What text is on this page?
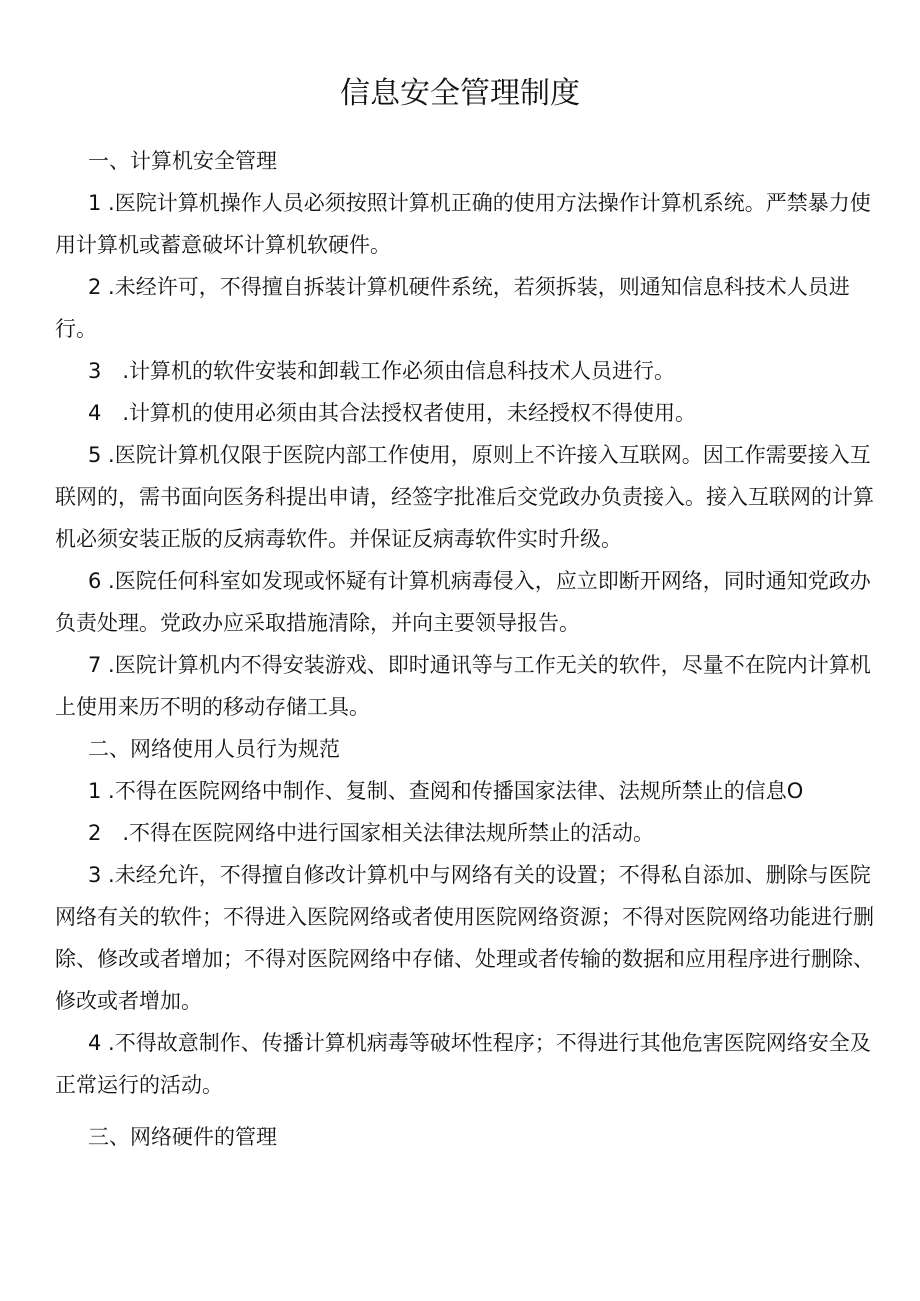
信息安全管理制度

一、计算机安全管理

1 .医院计算机操作人员必须按照计算机正确的使用方法操作计算机系统。严禁暴力使用计算机或蓄意破坏计算机软硬件。

2 .未经许可，不得擅自拆装计算机硬件系统，若须拆装，则通知信息科技术人员进行。

3　.计算机的软件安装和卸载工作必须由信息科技术人员进行。

4　.计算机的使用必须由其合法授权者使用，未经授权不得使用。

5 .医院计算机仅限于医院内部工作使用，原则上不许接入互联网。因工作需要接入互联网的，需书面向医务科提出申请，经签字批准后交党政办负责接入。接入互联网的计算机必须安装正版的反病毒软件。并保证反病毒软件实时升级。

6 .医院任何科室如发现或怀疑有计算机病毒侵入，应立即断开网络，同时通知党政办负责处理。党政办应采取措施清除，并向主要领导报告。

7 .医院计算机内不得安装游戏、即时通讯等与工作无关的软件，尽量不在院内计算机上使用来历不明的移动存储工具。

二、网络使用人员行为规范

1 .不得在医院网络中制作、复制、查阅和传播国家法律、法规所禁止的信息O

2　.不得在医院网络中进行国家相关法律法规所禁止的活动。

3 .未经允许，不得擅自修改计算机中与网络有关的设置；不得私自添加、删除与医院网络有关的软件；不得进入医院网络或者使用医院网络资源；不得对医院网络功能进行删除、修改或者增加；不得对医院网络中存储、处理或者传输的数据和应用程序进行删除、修改或者增加。

4 .不得故意制作、传播计算机病毒等破坏性程序；不得进行其他危害医院网络安全及正常运行的活动。

三、网络硬件的管理
